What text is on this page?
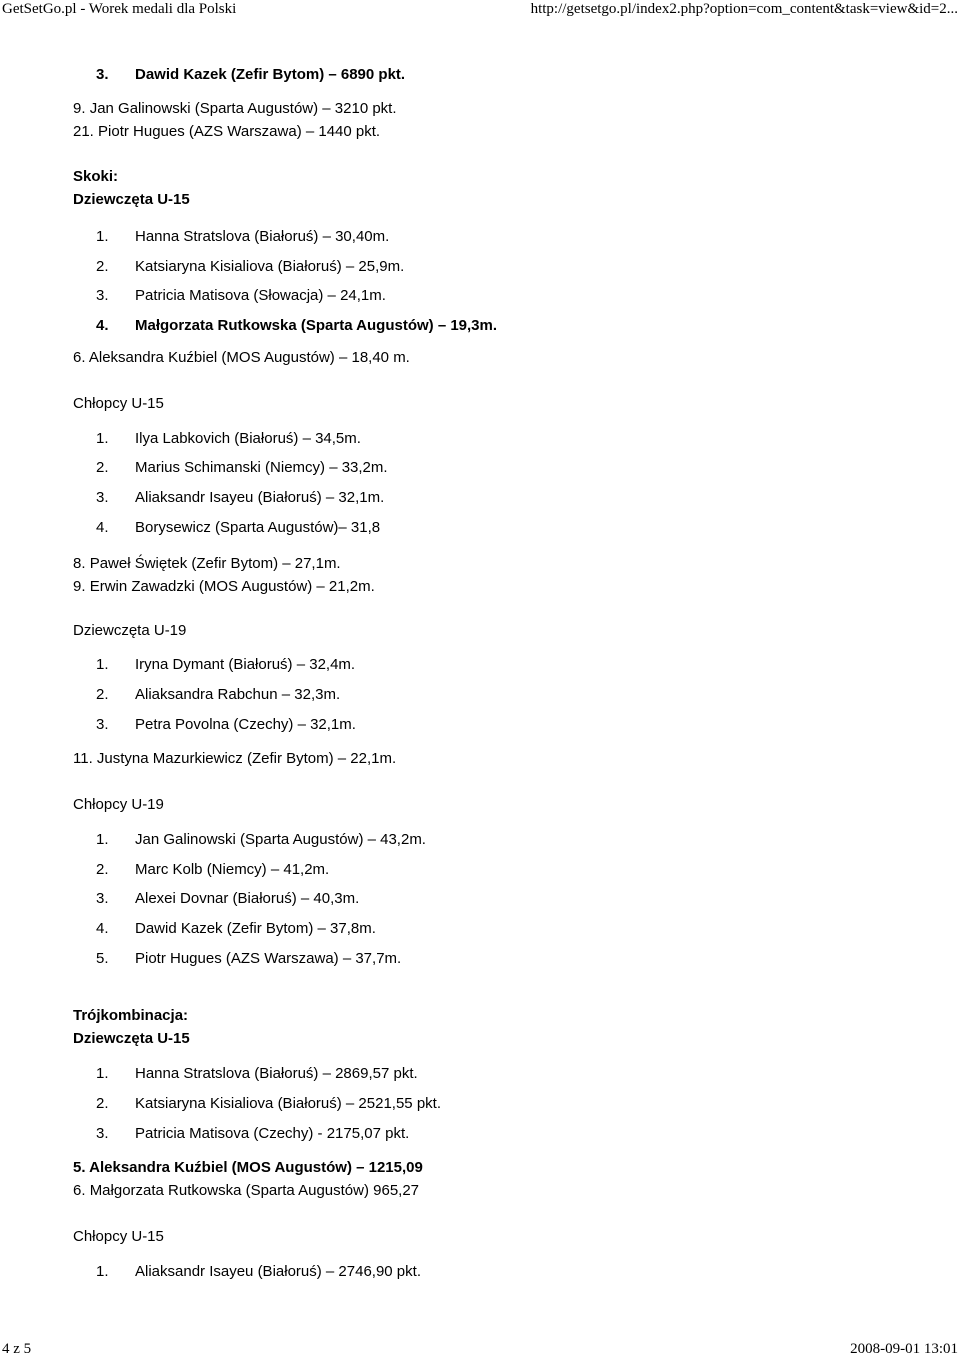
GetSetGo.pl - Worek medali dla Polski	http://getsetgo.pl/index2.php?option=com_content&task=view&id=2...
3. Dawid Kazek (Zefir Bytom) – 6890 pkt.
9. Jan Galinowski (Sparta Augustów) – 3210 pkt.
21. Piotr Hugues (AZS Warszawa) – 1440 pkt.
Skoki:
Dziewczęta U-15
1. Hanna Stratslova (Białoruś) – 30,40m.
2. Katsiaryna Kisialiova (Białoruś) – 25,9m.
3. Patricia Matisova (Słowacja) – 24,1m.
4. Małgorzata Rutkowska (Sparta Augustów) – 19,3m.
6. Aleksandra Kuźbiel (MOS Augustów) – 18,40 m.
Chłopcy U-15
1. Ilya Labkovich (Białoruś) – 34,5m.
2. Marius Schimanski (Niemcy) – 33,2m.
3. Aliaksandr Isayeu (Białoruś) – 32,1m.
4. Borysewicz (Sparta Augustów)– 31,8
8. Paweł Świętek (Zefir Bytom) – 27,1m.
9. Erwin Zawadzki (MOS Augustów) – 21,2m.
Dziewczęta U-19
1. Iryna Dymant (Białoruś) – 32,4m.
2. Aliaksandra Rabchun – 32,3m.
3. Petra Povolna (Czechy) – 32,1m.
11. Justyna Mazurkiewicz (Zefir Bytom) – 22,1m.
Chłopcy U-19
1. Jan Galinowski (Sparta Augustów) – 43,2m.
2. Marc Kolb (Niemcy) – 41,2m.
3. Alexei Dovnar (Białoruś) – 40,3m.
4. Dawid Kazek (Zefir Bytom) – 37,8m.
5. Piotr Hugues (AZS Warszawa) – 37,7m.
Trójkombinacja:
Dziewczęta U-15
1. Hanna Stratslova (Białoruś) – 2869,57 pkt.
2. Katsiaryna Kisialiova (Białoruś) – 2521,55 pkt.
3. Patricia Matisova (Czechy) - 2175,07 pkt.
5. Aleksandra Kuźbiel (MOS Augustów) – 1215,09
6. Małgorzata Rutkowska (Sparta Augustów) 965,27
Chłopcy U-15
1. Aliaksandr Isayeu (Białoruś) – 2746,90 pkt.
4 z 5	2008-09-01 13:01
